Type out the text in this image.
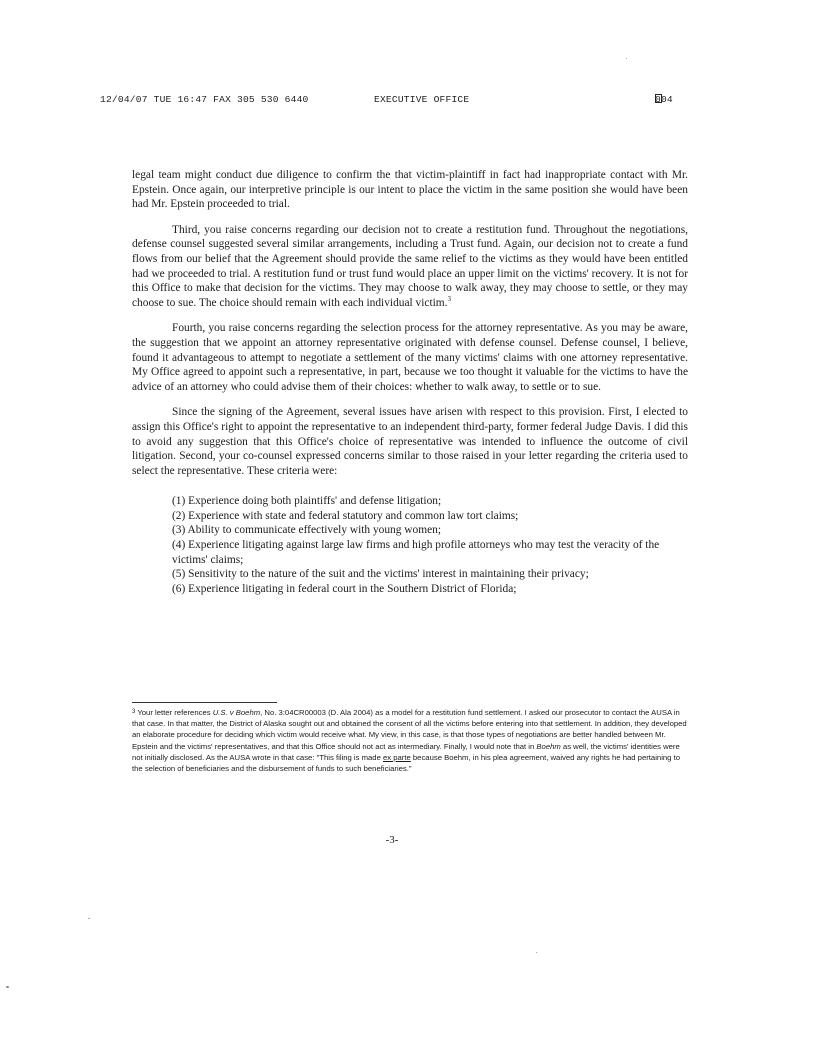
12/04/07 TUE 16:47 FAX 305 530 6440	EXECUTIVE OFFICE	004

legal team might conduct due diligence to confirm the that victim-plaintiff in fact had inappropriate contact with Mr. Epstein. Once again, our interpretive principle is our intent to place the victim in the same position she would have been had Mr. Epstein proceeded to trial.

Third, you raise concerns regarding our decision not to create a restitution fund. Throughout the negotiations, defense counsel suggested several similar arrangements, including a Trust fund. Again, our decision not to create a fund flows from our belief that the Agreement should provide the same relief to the victims as they would have been entitled had we proceeded to trial. A restitution fund or trust fund would place an upper limit on the victims' recovery. It is not for this Office to make that decision for the victims. They may choose to walk away, they may choose to settle, or they may choose to sue. The choice should remain with each individual victim.$^3$

Fourth, you raise concerns regarding the selection process for the attorney representative. As you may be aware, the suggestion that we appoint an attorney representative originated with defense counsel. Defense counsel, I believe, found it advantageous to attempt to negotiate a settlement of the many victims' claims with one attorney representative. My Office agreed to appoint such a representative, in part, because we too thought it valuable for the victims to have the advice of an attorney who could advise them of their choices: whether to walk away, to settle or to sue.

Since the signing of the Agreement, several issues have arisen with respect to this provision. First, I elected to assign this Office's right to appoint the representative to an independent third-party, former federal Judge Davis. I did this to avoid any suggestion that this Office's choice of representative was intended to influence the outcome of civil litigation. Second, your co-counsel expressed concerns similar to those raised in your letter regarding the criteria used to select the representative. These criteria were:

(1) Experience doing both plaintiffs' and defense litigation;
(2) Experience with state and federal statutory and common law tort claims;
(3) Ability to communicate effectively with young women;
(4) Experience litigating against large law firms and high profile attorneys who may test the veracity of the victims' claims;
(5) Sensitivity to the nature of the suit and the victims' interest in maintaining their privacy;
(6) Experience litigating in federal court in the Southern District of Florida;
$^3$ Your letter references U.S. v Boehm, No. 3:04CR00003 (D. Ala 2004) as a model for a restitution fund settlement. I asked our prosecutor to contact the AUSA in that case. In that matter, the District of Alaska sought out and obtained the consent of all the victims before entering into that settlement. In addition, they developed an elaborate procedure for deciding which victim would receive what. My view, in this case, is that those types of negotiations are better handled between Mr. Epstein and the victims' representatives, and that this Office should not act as intermediary. Finally, I would note that in Boehm as well, the victims' identities were not initially disclosed. As the AUSA wrote in that case: "This filing is made ex parte because Boehm, in his plea agreement, waived any rights he had pertaining to the selection of beneficiaries and the disbursement of funds to such beneficiaries."
-3-
